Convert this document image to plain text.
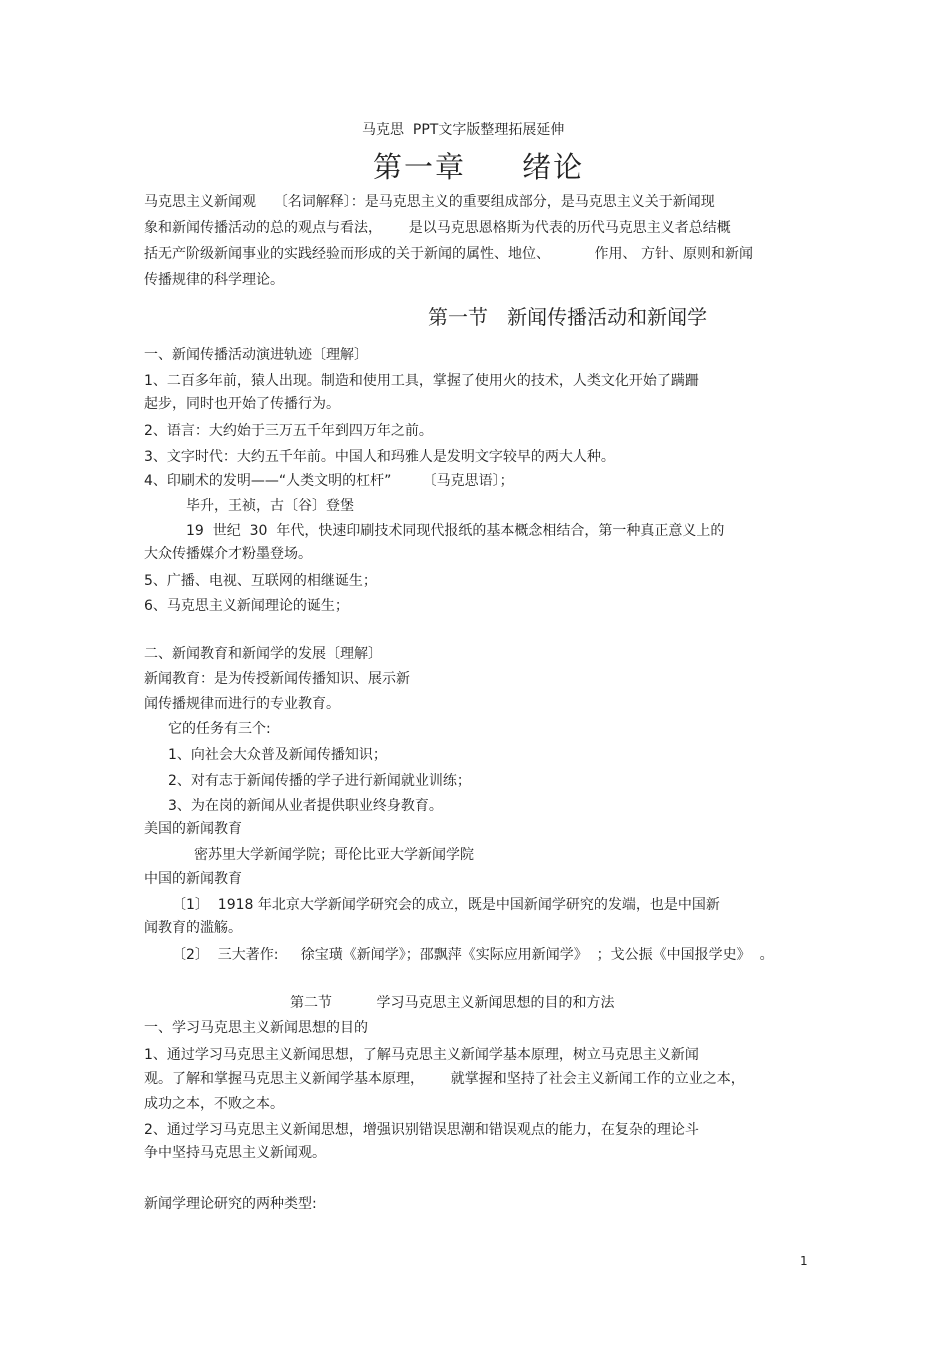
马克思  PPT文字版整理拓展延伸
第一章     绪论
马克思主义新闻观    〔名词解释〕：是马克思主义的重要组成部分，是马克思主义关于新闻现
象和新闻传播活动的总的观点与看法，      是以马克思恩格斯为代表的历代马克思主义者总结概
括无产阶级新闻事业的实践经验而形成的关于新闻的属性、地位、          作用、 方针、原则和新闻
传播规律的科学理论。
第一节   新闻传播活动和新闻学
一、新闻传播活动演进轨迹〔理解〕
1、二百多年前，猿人出现。制造和使用工具，掌握了使用火的技术，人类文化开始了蹒跚
起步，同时也开始了传播行为。
2、语言：大约始于三万五千年到四万年之前。
3、文字时代：大约五千年前。中国人和玛雅人是发明文字较早的两大人种。
4、印刷术的发明——“人类文明的杠杆”       〔马克思语〕；
毕升，王祯，古〔谷〕登堡
19  世纪  30  年代，快速印刷技术同现代报纸的基本概念相结合，第一种真正意义上的
大众传播媒介才粉墨登场。
5、广播、电视、互联网的相继诞生；
6、马克思主义新闻理论的诞生；
二、新闻教育和新闻学的发展〔理解〕
新闻教育：是为传授新闻传播知识、展示新
闻传播规律而进行的专业教育。
它的任务有三个:
1、向社会大众普及新闻传播知识；
2、对有志于新闻传播的学子进行新闻就业训练；
3、为在岗的新闻从业者提供职业终身教育。
美国的新闻教育
密苏里大学新闻学院；哥伦比亚大学新闻学院
中国的新闻教育
〔1〕  1918 年北京大学新闻学研究会的成立，既是中国新闻学研究的发端，也是中国新
闻教育的滥觞。
〔2〕  三大著作:     徐宝璜《新闻学》；邵飘萍《实际应用新闻学》  ；戈公振《中国报学史》  。
第二节          学习马克思主义新闻思想的目的和方法
一、学习马克思主义新闻思想的目的
1、通过学习马克思主义新闻思想，了解马克思主义新闻学基本原理，树立马克思主义新闻
观。了解和掌握马克思主义新闻学基本原理，      就掌握和坚持了社会主义新闻工作的立业之本，
成功之本，不败之本。
2、通过学习马克思主义新闻思想，增强识别错误思潮和错误观点的能力，在复杂的理论斗
争中坚持马克思主义新闻观。
新闻学理论研究的两种类型:
1
